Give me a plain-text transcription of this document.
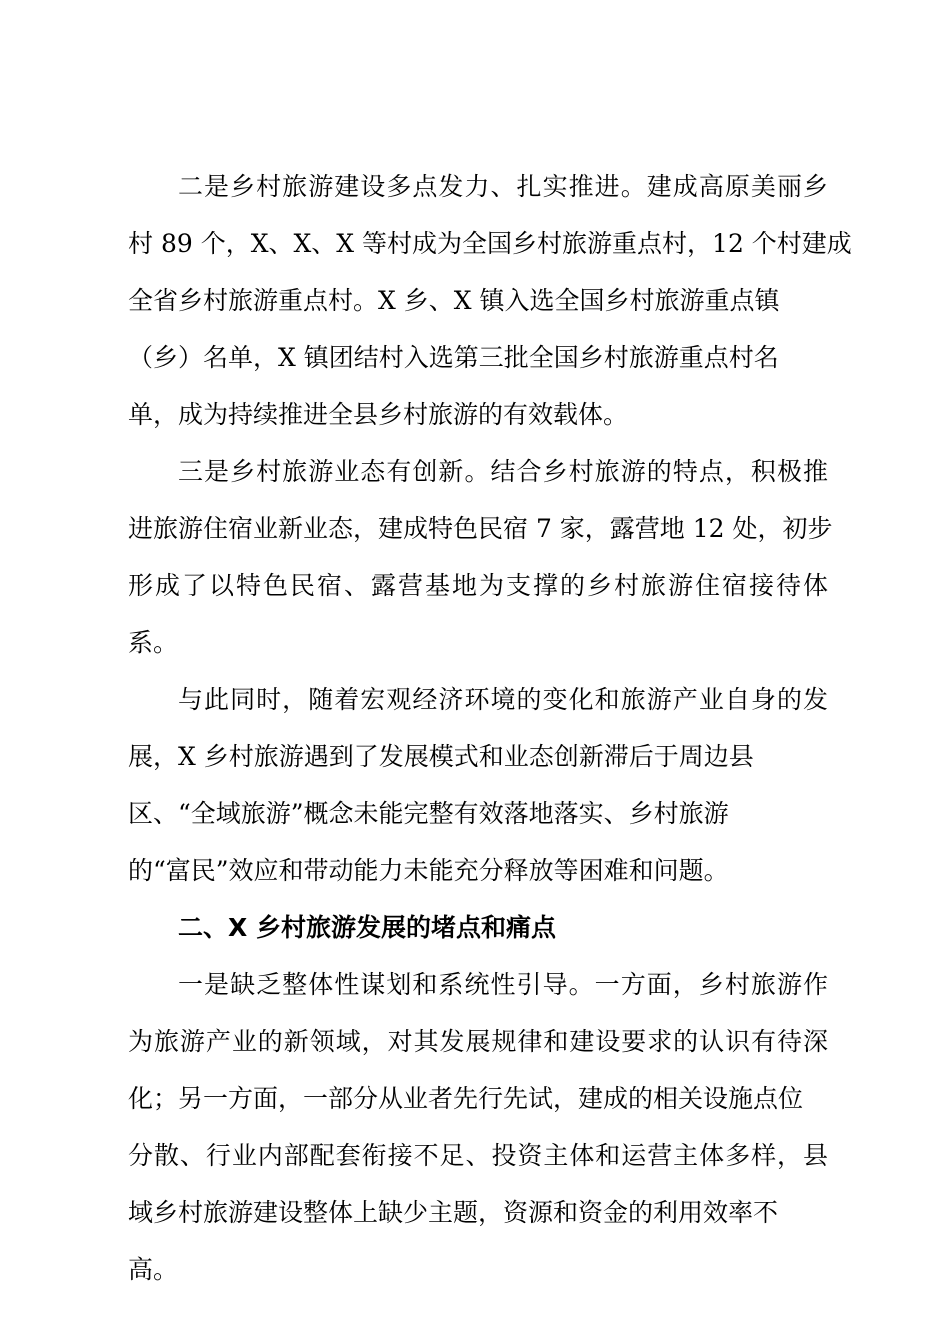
二是乡村旅游建设多点发力、扎实推进。建成高原美丽乡
村 89 个，X、X、X 等村成为全国乡村旅游重点村，12 个村建成
全省乡村旅游重点村。X 乡、X 镇入选全国乡村旅游重点镇
（乡）名单，X 镇团结村入选第三批全国乡村旅游重点村名
单，成为持续推进全县乡村旅游的有效载体。
三是乡村旅游业态有创新。结合乡村旅游的特点，积极推
进旅游住宿业新业态，建成特色民宿 7 家，露营地 12 处，初步
形成了以特色民宿、露营基地为支撑的乡村旅游住宿接待体
系。
与此同时，随着宏观经济环境的变化和旅游产业自身的发
展，X 乡村旅游遇到了发展模式和业态创新滞后于周边县
区、“全域旅游”概念未能完整有效落地落实、乡村旅游
的“富民”效应和带动能力未能充分释放等困难和问题。
二、X 乡村旅游发展的堵点和痛点
一是缺乏整体性谋划和系统性引导。一方面，乡村旅游作
为旅游产业的新领域，对其发展规律和建设要求的认识有待深
化；另一方面，一部分从业者先行先试，建成的相关设施点位
分散、行业内部配套衔接不足、投资主体和运营主体多样，县
域乡村旅游建设整体上缺少主题，资源和资金的利用效率不
高。
